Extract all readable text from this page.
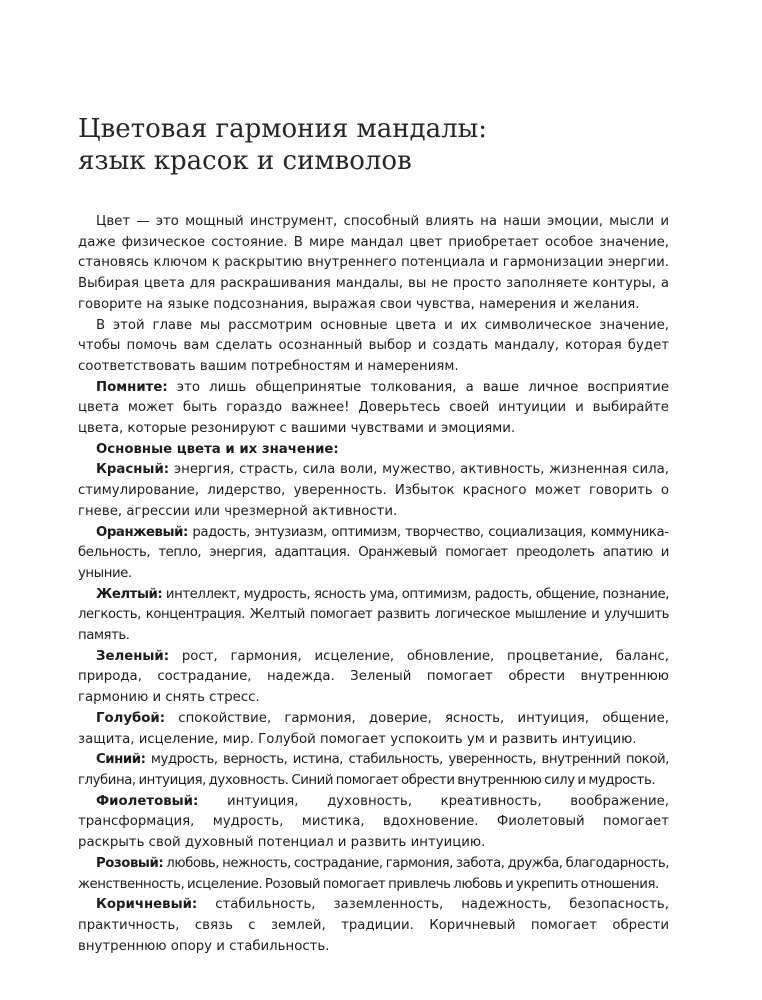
Цветовая гармония мандалы:
язык красок и символов

Цвет — это мощный инструмент, способный влиять на наши эмоции, мысли и даже физическое состояние. В мире мандал цвет приобретает особое значение, становясь ключом к раскрытию внутреннего потенциала и гармонизации энергии. Выбирая цвета для раскрашивания мандалы, вы не просто заполняете контуры, а говорите на языке подсознания, выражая свои чувства, намерения и желания.

В этой главе мы рассмотрим основные цвета и их символическое значение, чтобы помочь вам сделать осознанный выбор и создать мандалу, которая будет соответствовать вашим потребностям и намерениям.

Помните: это лишь общепринятые толкования, а ваше личное восприятие цвета может быть гораздо важнее! Доверьтесь своей интуиции и выбирайте цвета, которые резонируют с вашими чувствами и эмоциями.

Основные цвета и их значение:

Красный: энергия, страсть, сила воли, мужество, активность, жизненная сила, стимулирование, лидерство, уверенность. Избыток красного может говорить о гневе, агрессии или чрезмерной активности.

Оранжевый: радость, энтузиазм, оптимизм, творчество, социализация, коммуникабельность, тепло, энергия, адаптация. Оранжевый помогает преодолеть апатию и уныние.

Желтый: интеллект, мудрость, ясность ума, оптимизм, радость, общение, познание, легкость, концентрация. Желтый помогает развить логическое мышление и улучшить память.

Зеленый: рост, гармония, исцеление, обновление, процветание, баланс, природа, сострадание, надежда. Зеленый помогает обрести внутреннюю гармонию и снять стресс.

Голубой: спокойствие, гармония, доверие, ясность, интуиция, общение, защита, исцеление, мир. Голубой помогает успокоить ум и развить интуицию.

Синий: мудрость, верность, истина, стабильность, уверенность, внутренний покой, глубина, интуиция, духовность. Синий помогает обрести внутреннюю силу и мудрость.

Фиолетовый: интуиция, духовность, креативность, воображение, трансформация, мудрость, мистика, вдохновение. Фиолетовый помогает раскрыть свой духовный потенциал и развить интуицию.

Розовый: любовь, нежность, сострадание, гармония, забота, дружба, благодарность, женственность, исцеление. Розовый помогает привлечь любовь и укрепить отношения.

Коричневый: стабильность, заземленность, надежность, безопасность, практичность, связь с землей, традиции. Коричневый помогает обрести внутреннюю опору и стабильность.
